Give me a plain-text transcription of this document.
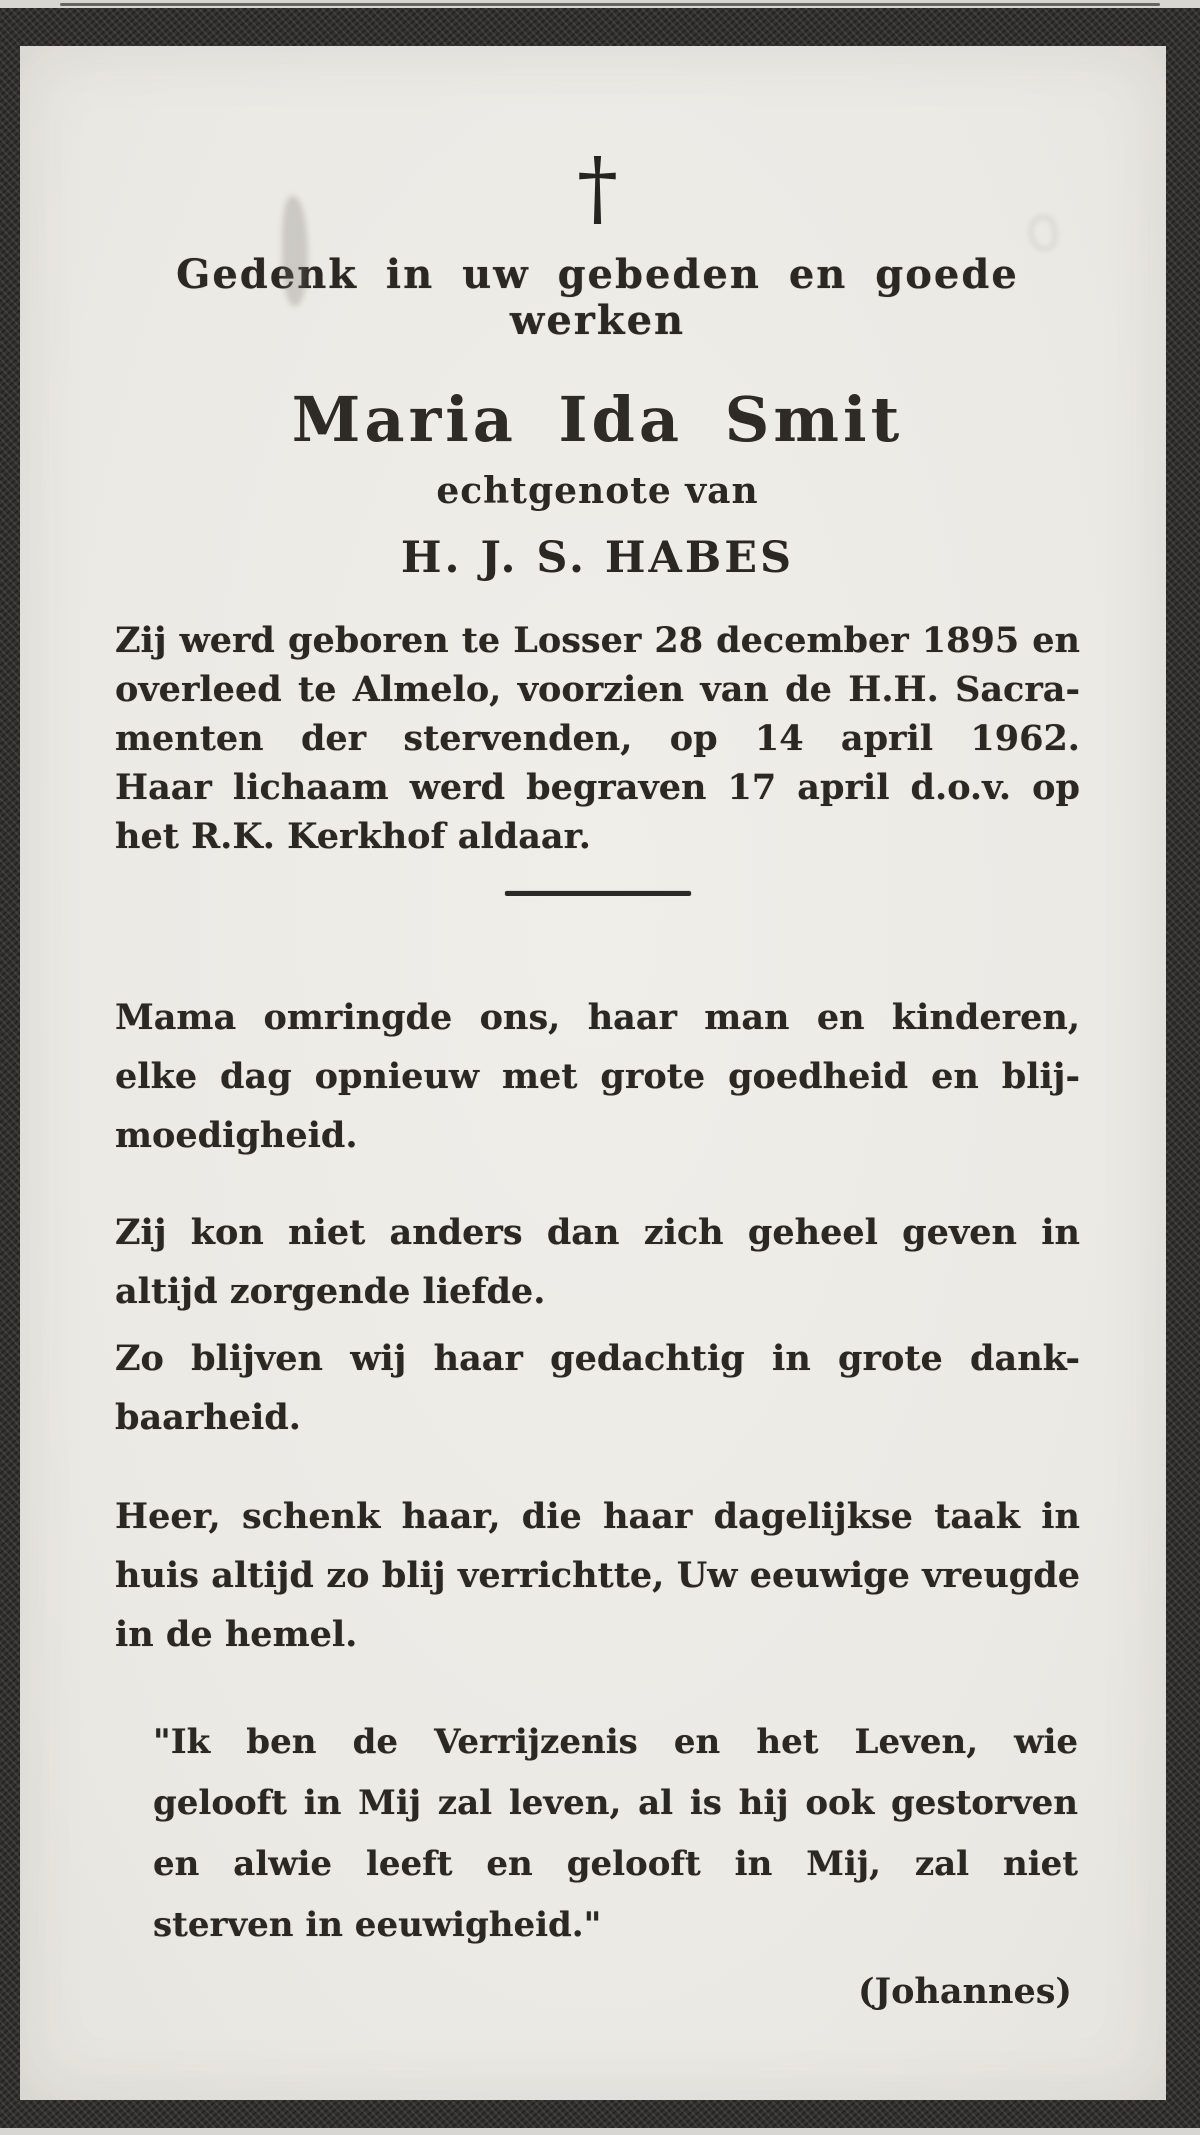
†
Gedenk in uw gebeden en goede werken
Maria Ida Smit
echtgenote van
H. J. S. HABES
Zij werd geboren te Losser 28 december 1895 en
overleed te Almelo, voorzien van de H.H. Sacra-
menten der stervenden, op 14 april 1962.
Haar lichaam werd begraven 17 april d.o.v. op
het R.K. Kerkhof aldaar.
Mama omringde ons, haar man en kinderen,
elke dag opnieuw met grote goedheid en blij-
moedigheid.
Zij kon niet anders dan zich geheel geven in
altijd zorgende liefde.
Zo blijven wij haar gedachtig in grote dank-
baarheid.
Heer, schenk haar, die haar dagelijkse taak in
huis altijd zo blij verrichtte, Uw eeuwige vreugde
in de hemel.
"Ik ben de Verrijzenis en het Leven, wie
gelooft in Mij zal leven, al is hij ook gestorven
en alwie leeft en gelooft in Mij, zal niet
sterven in eeuwigheid."
(Johannes)
